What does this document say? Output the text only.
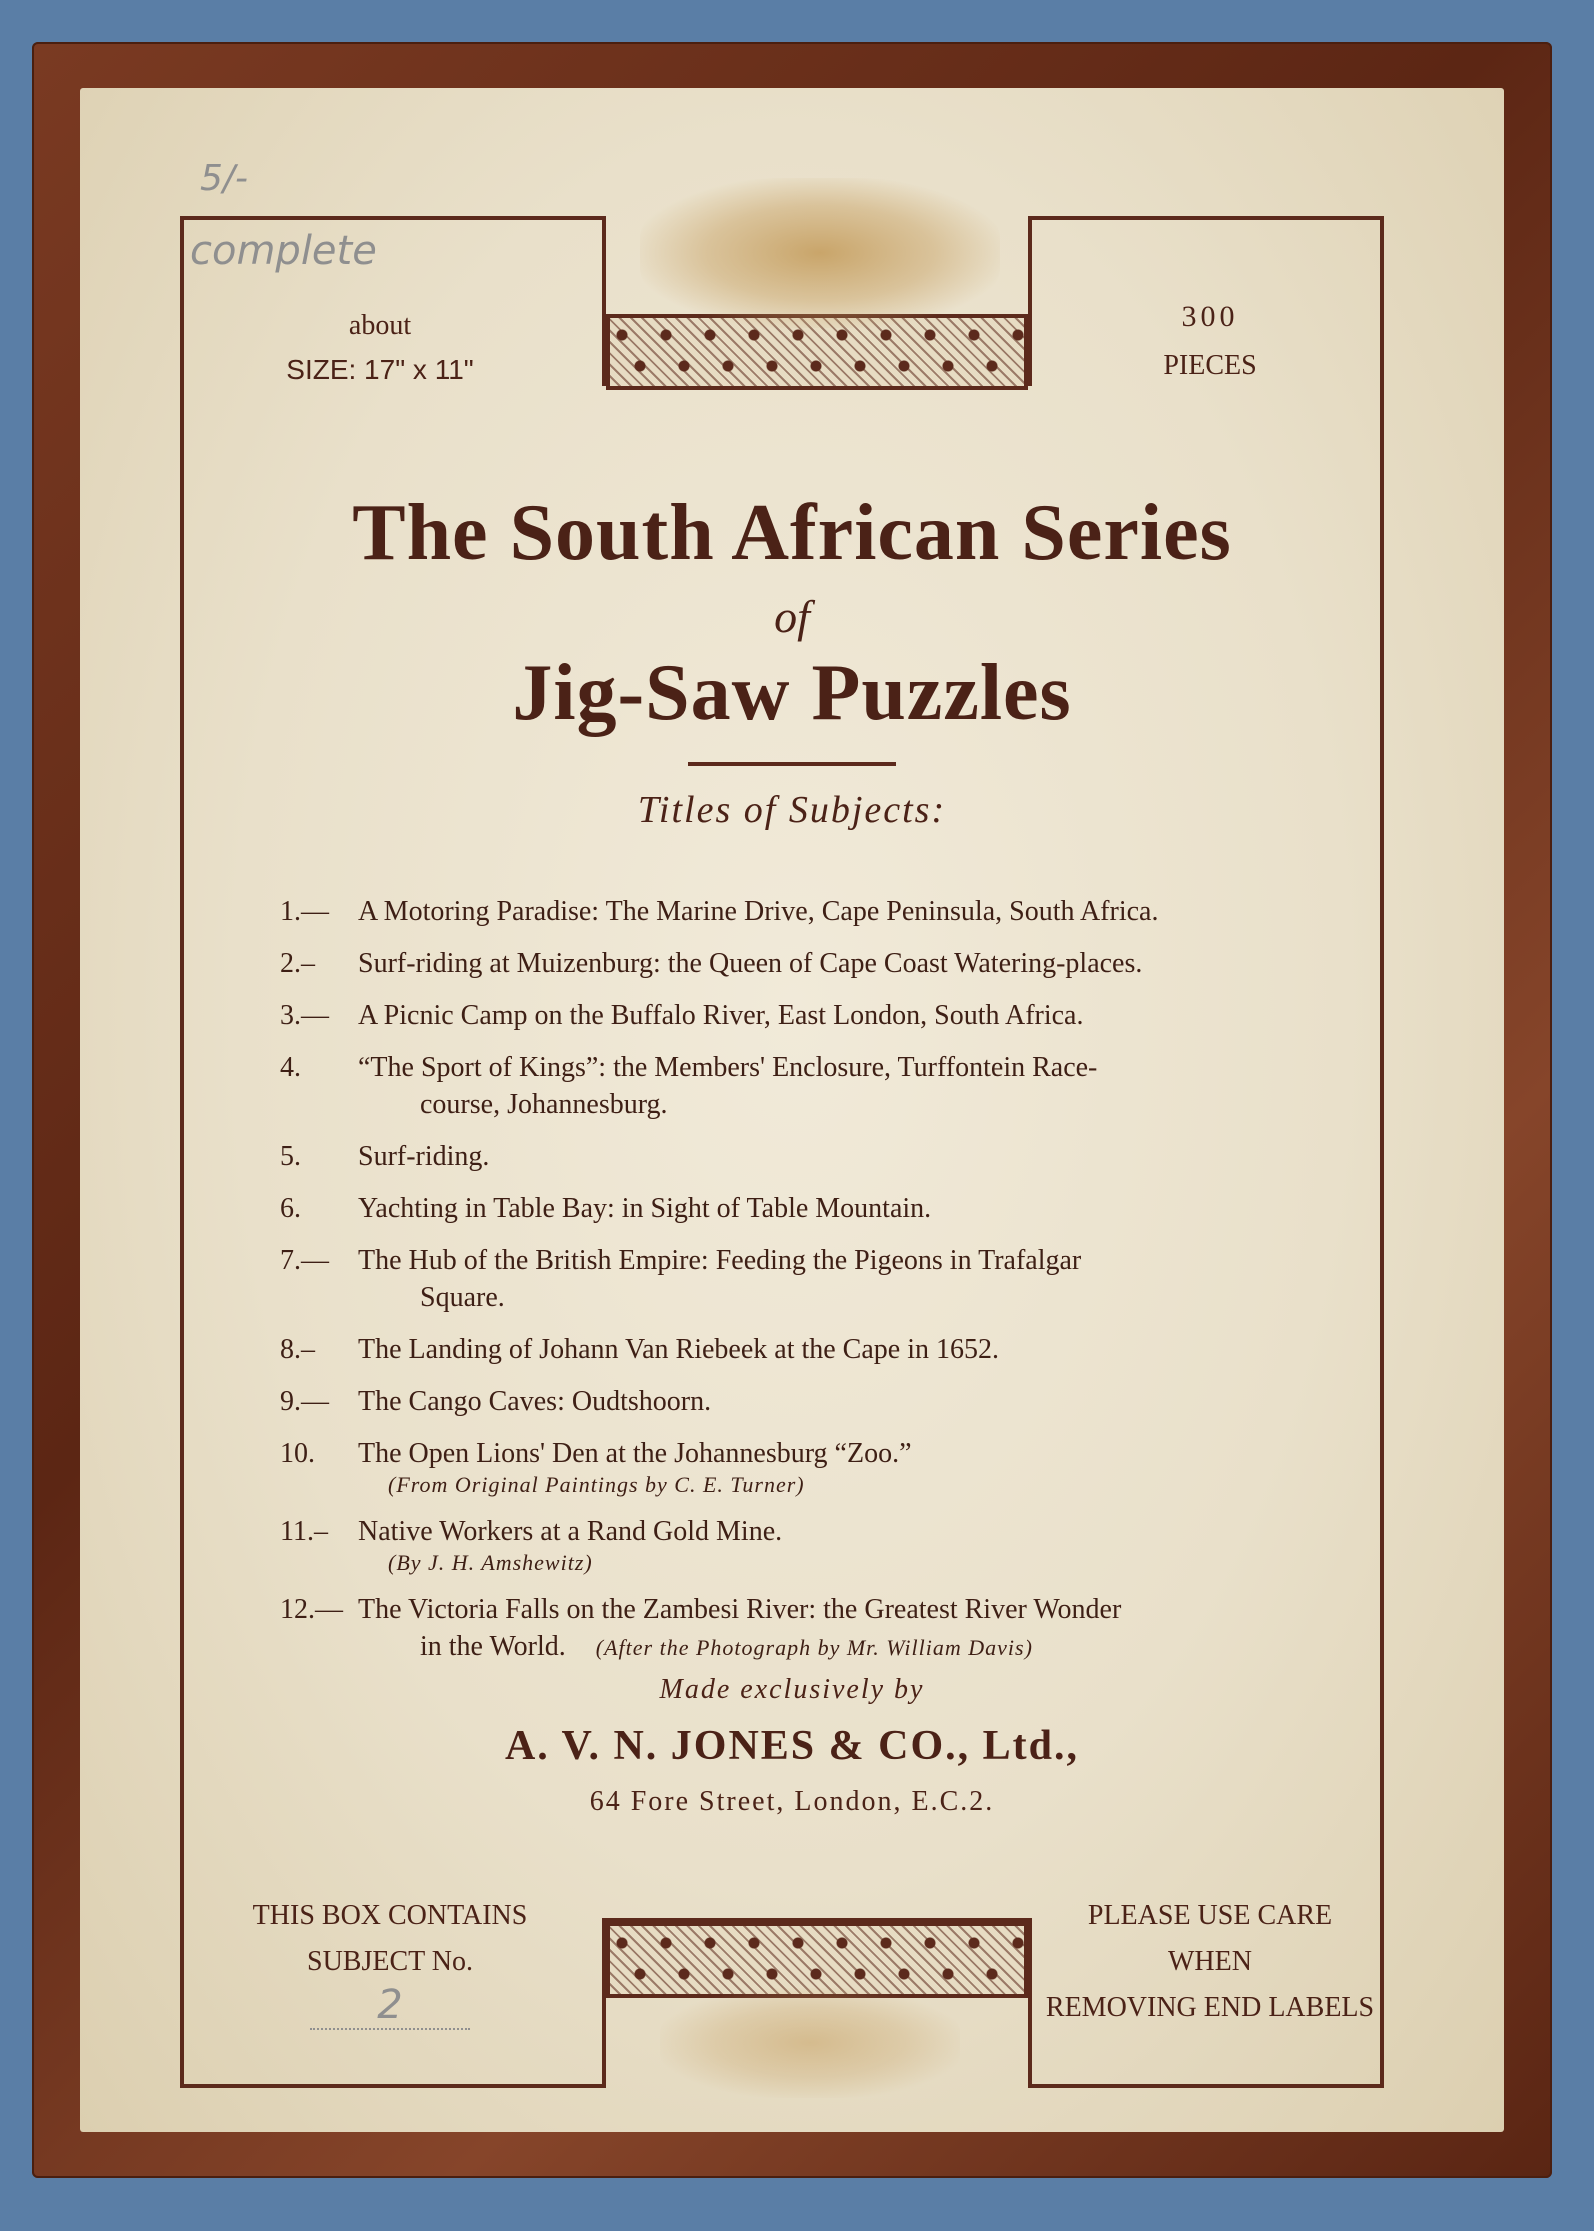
5/-
complete
about
SIZE: 17" x 11"
300
PIECES
The South African Series
of
Jig-Saw Puzzles
Titles of Subjects:
1.—	A Motoring Paradise: The Marine Drive, Cape Peninsula, South Africa.
2.–	Surf-riding at Muizenburg: the Queen of Cape Coast Watering-places.
3.—	A Picnic Camp on the Buffalo River, East London, South Africa.
4.	“The Sport of Kings”: the Members' Enclosure, Turffontein Race-
course, Johannesburg.
5.	Surf-riding.
6.	Yachting in Table Bay: in Sight of Table Mountain.
7.—	The Hub of the British Empire: Feeding the Pigeons in Trafalgar
Square.
8.–	The Landing of Johann Van Riebeek at the Cape in 1652.
9.—	The Cango Caves: Oudtshoorn.
10.	The Open Lions' Den at the Johannesburg “Zoo.”
(From Original Paintings by C. E. Turner)
11.–	Native Workers at a Rand Gold Mine.
(By J. H. Amshewitz)
12.— The Victoria Falls on the Zambesi River: the Greatest River Wonder
in the World. (After the Photograph by Mr. William Davis)
Made exclusively by
A. V. N. JONES & CO., Ltd.,
64 Fore Street, London, E.C.2.
THIS BOX CONTAINS
SUBJECT No.
2
PLEASE USE CARE
WHEN
REMOVING END LABELS
